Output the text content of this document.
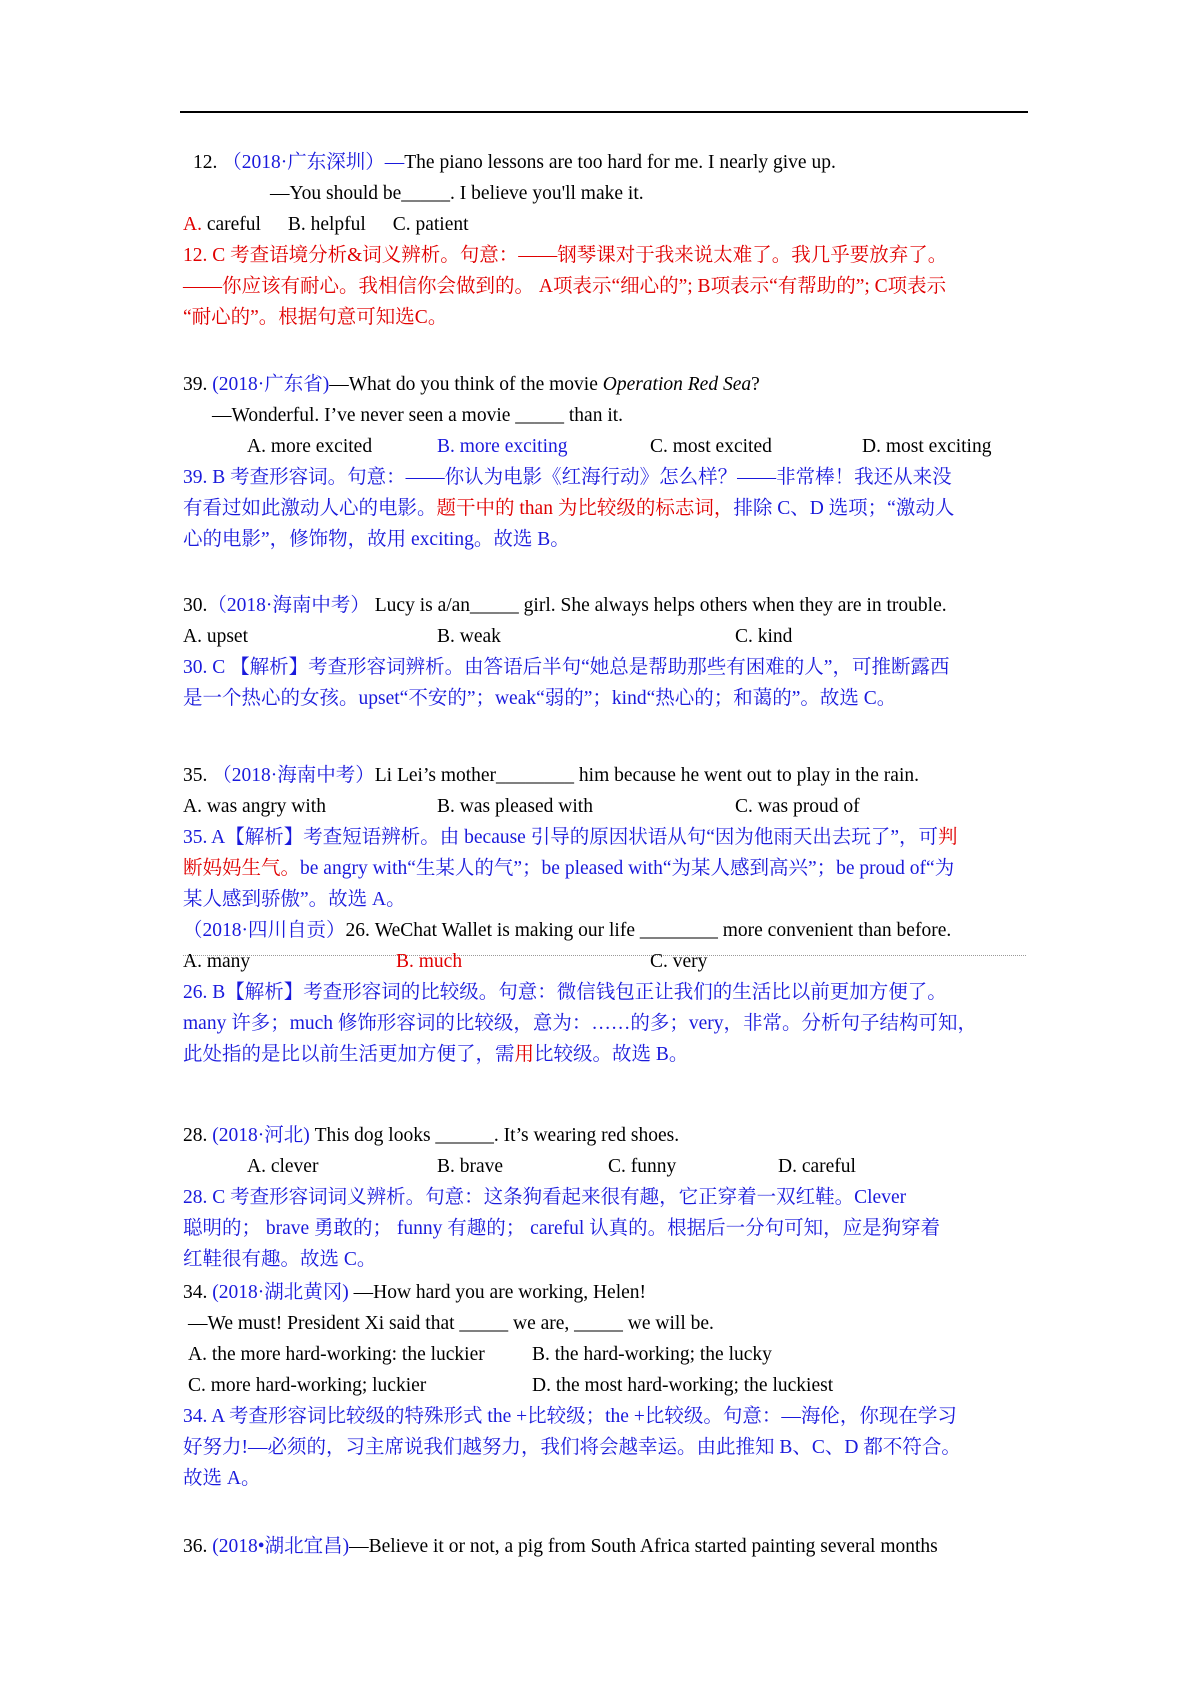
12. （2018·广东深圳）—The piano lessons are too hard for me. I nearly give up.
—You should be_____. I believe you'll make it.
A. careful B. helpful C. patient
12. C 考查语境分析&词义辨析。句意：——钢琴课对于我来说太难了。我几乎要放弃了。
——你应该有耐心。我相信你会做到的。 A项表示“细心的”; B项表示“有帮助的”; C项表示
“耐心的”。根据句意可知选C。
39. (2018·广东省)—What do you think of the movie Operation Red Sea?
—Wonderful. I’ve never seen a movie _____ than it.
A. more excited	B. more exciting	C. most excited	D. most exciting
39. B 考查形容词。句意：——你认为电影《红海行动》怎么样？——非常棒！我还从来没
有看过如此激动人心的电影。题干中的 than 为比较级的标志词，排除 C、D 选项；“激动人
心的电影”，修饰物，故用 exciting。故选 B。
30.（2018·海南中考） Lucy is a/an_____ girl. She always helps others when they are in trouble.
A. upset	B. weak	C. kind
30. C 【解析】考查形容词辨析。由答语后半句“她总是帮助那些有困难的人”，可推断露西
是一个热心的女孩。upset“不安的”；weak“弱的”；kind“热心的；和蔼的”。故选 C。
35. （2018·海南中考）Li Lei’s mother________ him because he went out to play in the rain.
A. was angry with	B. was pleased with	C. was proud of
35. A【解析】考查短语辨析。由 because 引导的原因状语从句“因为他雨天出去玩了”，可判
断妈妈生气。be angry with“生某人的气”；be pleased with“为某人感到高兴”；be proud of“为
某人感到骄傲”。故选 A。
（2018·四川自贡）26. WeChat Wallet is making our life ________ more convenient than before.
A. many	B. much	C. very
26. B【解析】考查形容词的比较级。句意：微信钱包正让我们的生活比以前更加方便了。
many 许多；much 修饰形容词的比较级，意为：……的多；very，非常。分析句子结构可知，
此处指的是比以前生活更加方便了，需用比较级。故选 B。
28. (2018·河北) This dog looks ______. It’s wearing red shoes.
A. clever	B. brave	C. funny	D. careful
28. C 考查形容词词义辨析。句意：这条狗看起来很有趣，它正穿着一双红鞋。Clever
聪明的； brave 勇敢的； funny 有趣的； careful 认真的。根据后一分句可知，应是狗穿着
红鞋很有趣。故选 C。
34. (2018·湖北黄冈) —How hard you are working, Helen!
—We must! President Xi said that _____ we are, _____ we will be.
A. the more hard-working: the luckier B. the hard-working; the lucky
C. more hard-working; luckier	D. the most hard-working; the luckiest
34. A 考查形容词比较级的特殊形式 the +比较级；the +比较级。句意：—海伦，你现在学习
好努力!—必须的，习主席说我们越努力，我们将会越幸运。由此推知 B、C、D 都不符合。
故选 A。
36. (2018•湖北宜昌)—Believe it or not, a pig from South Africa started painting several months
